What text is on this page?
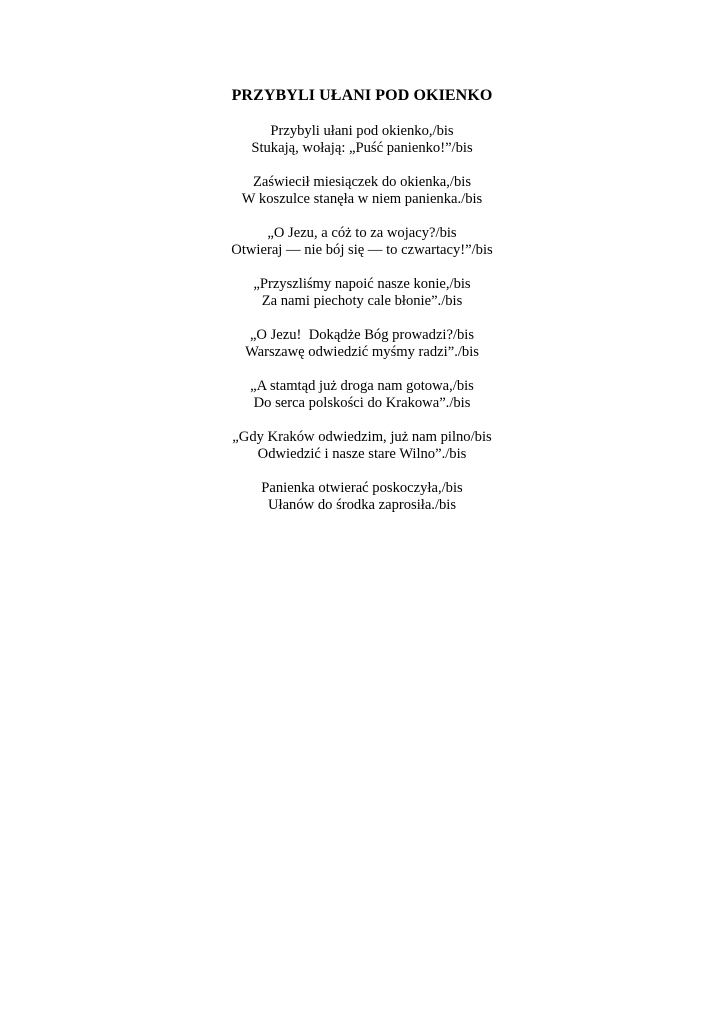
PRZYBYLI UŁANI POD OKIENKO
Przybyli ułani pod okienko,/bis
Stukają, wołają: „Puść panienko!”/bis
Zaświecił miesiączek do okienka,/bis
W koszulce stanęła w niem panienka./bis
„O Jezu, a cóż to za wojacy?/bis
Otwieraj — nie bój się — to czwartacy!”/bis
„Przyszliśmy napoić nasze konie,/bis
Za nami piechoty cale błonie”./bis
„O Jezu!  Dokądże Bóg prowadzi?/bis
Warszawę odwiedzić myśmy radzi”./bis
„A stamtąd już droga nam gotowa,/bis
Do serca polskości do Krakowa”./bis
„Gdy Kraków odwiedzim, już nam pilno/bis
Odwiedzić i nasze stare Wilno”./bis
Panienka otwierać poskoczyła,/bis
Ułanów do środka zaprosiła./bis
